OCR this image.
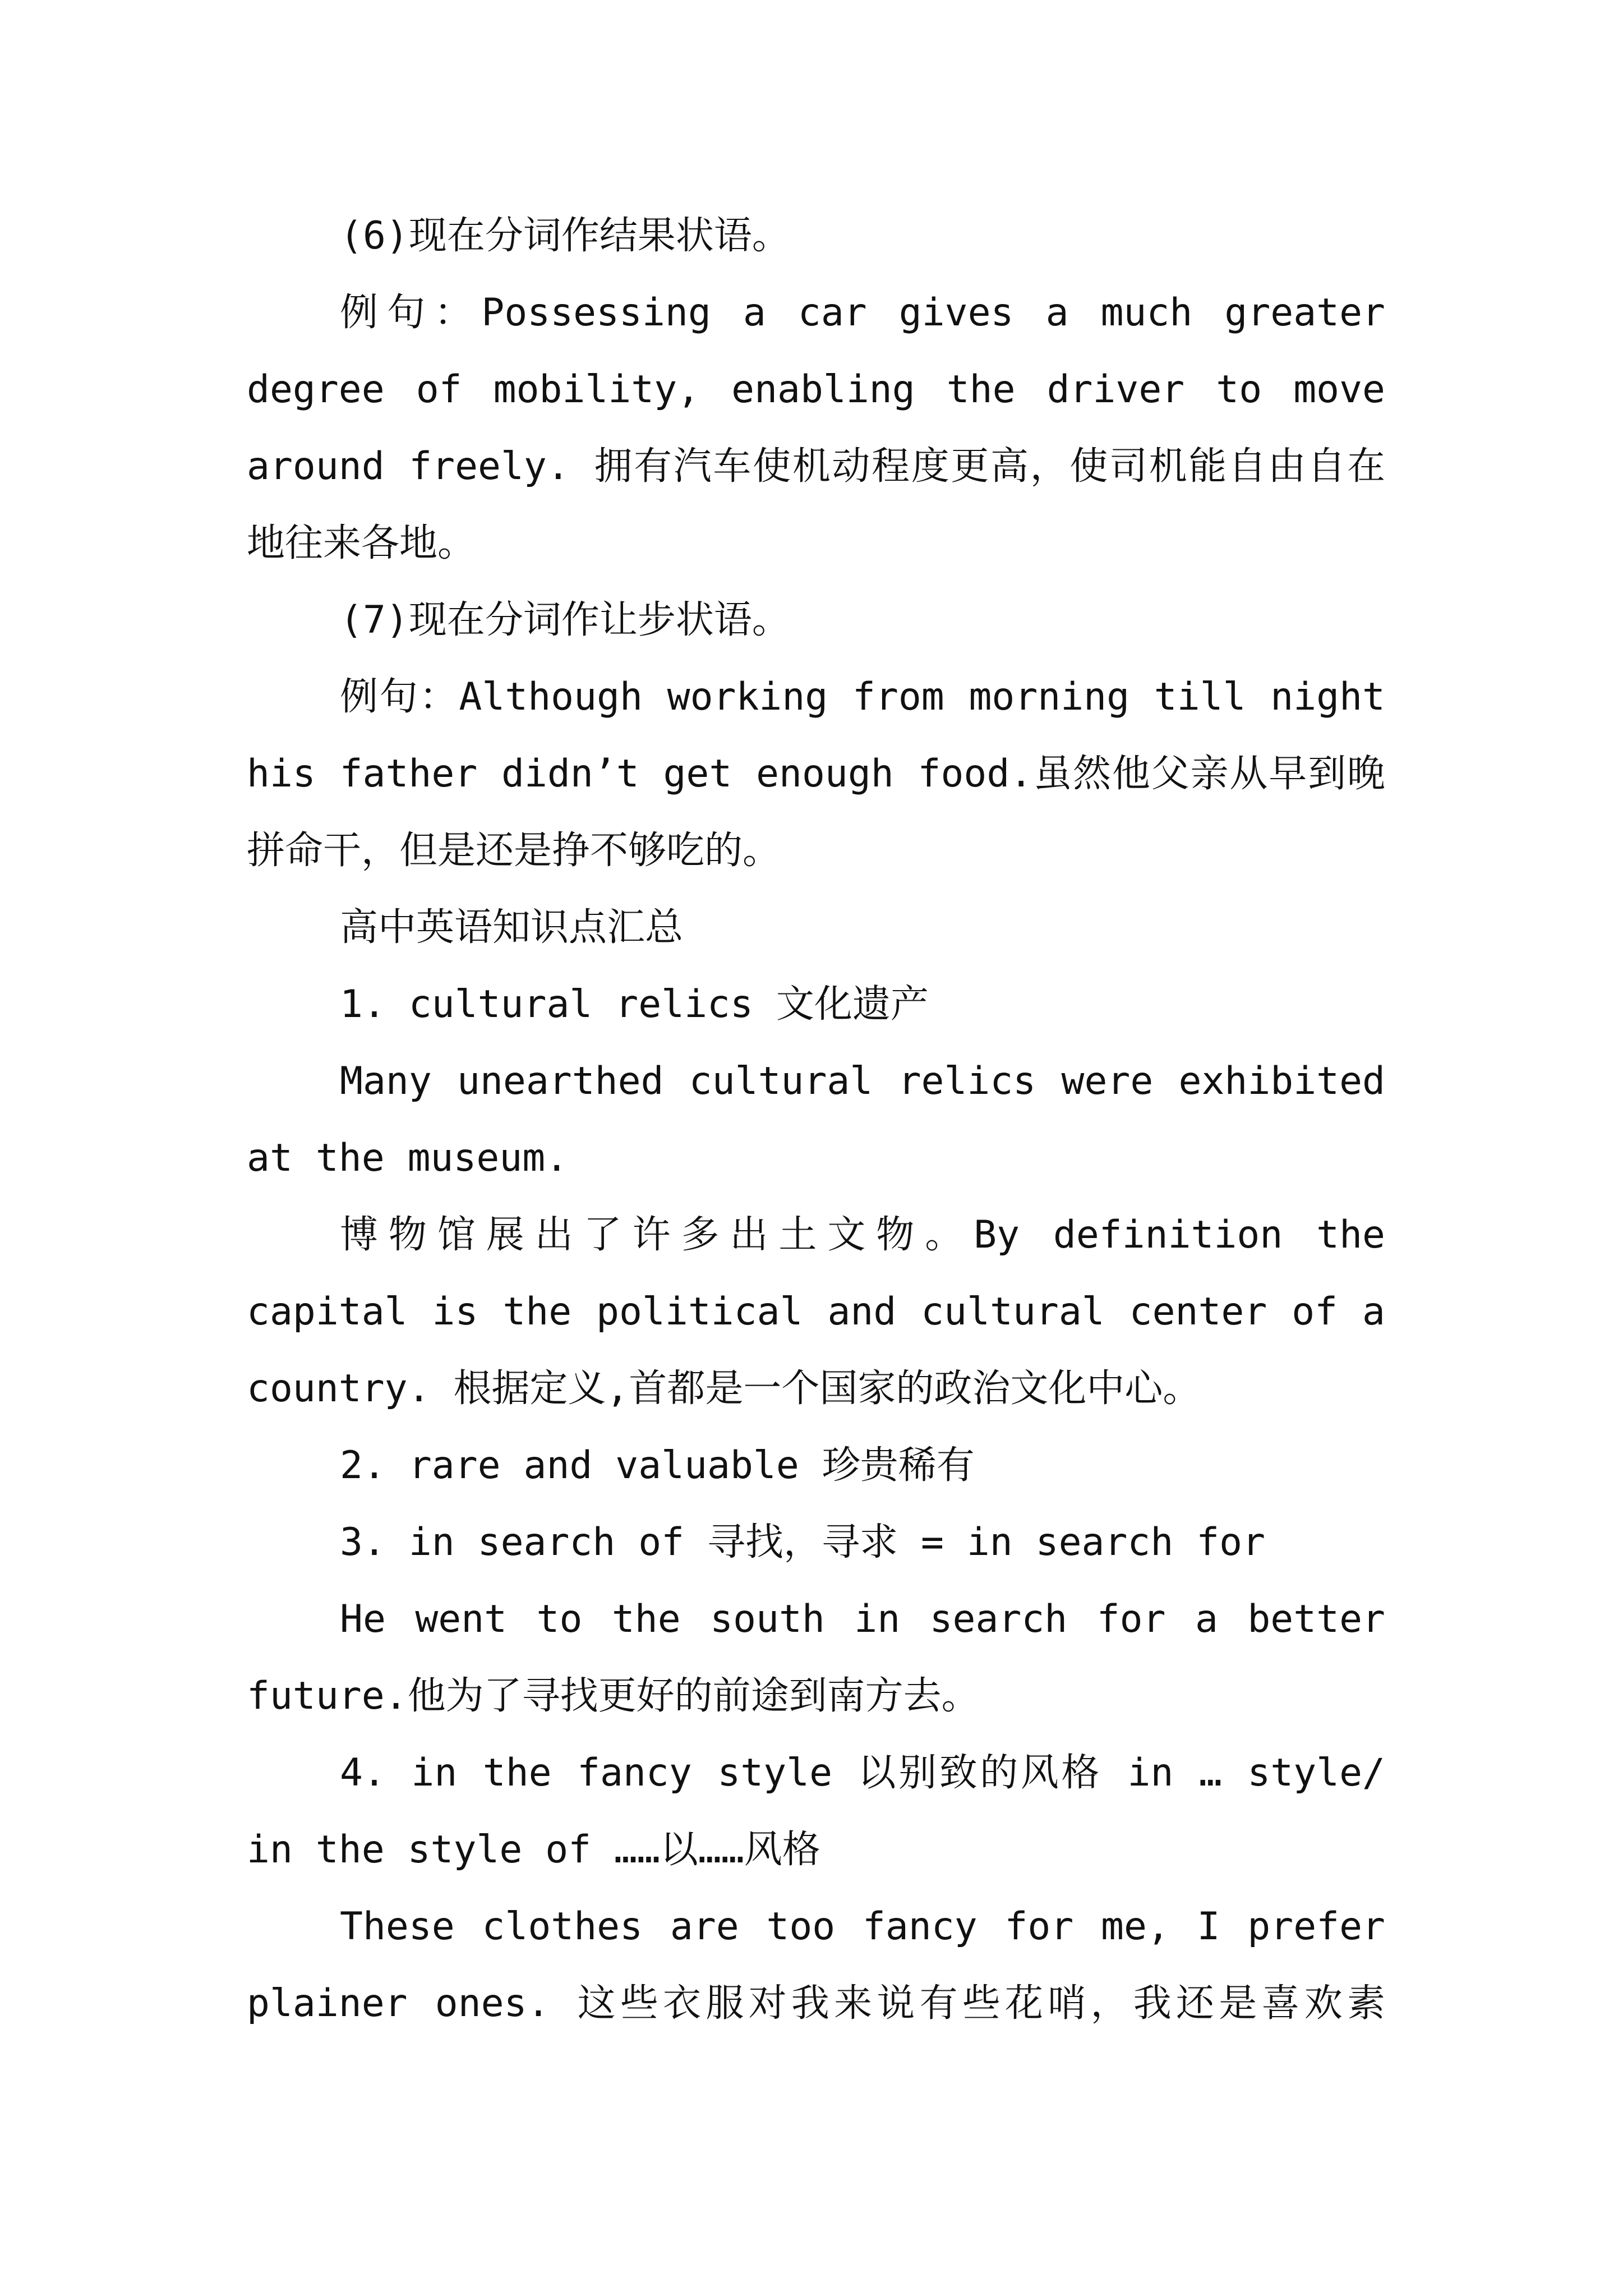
(6)现在分词作结果状语。

例句：Possessing a car gives a much greater degree of mobility, enabling the driver to move around freely. 拥有汽车使机动程度更高，使司机能自由自在地往来各地。

(7)现在分词作让步状语。

例句：Although working from morning till night his father didn’t get enough food.虽然他父亲从早到晚拼命干，但是还是挣不够吃的。

高中英语知识点汇总

1. cultural relics 文化遗产

Many unearthed cultural relics were exhibited at the museum.

博物馆展出了许多出土文物。By definition the capital is the political and cultural center of a country. 根据定义,首都是一个国家的政治文化中心。

2. rare and valuable 珍贵稀有

3. in search of 寻找，寻求 = in search for

He went to the south in search for a better future.他为了寻找更好的前途到南方去。

4. in the fancy style 以别致的风格 in … style/ in the style of ……以……风格

These clothes are too fancy for me, I prefer plainer ones. 这些衣服对我来说有些花哨，我还是喜欢素
